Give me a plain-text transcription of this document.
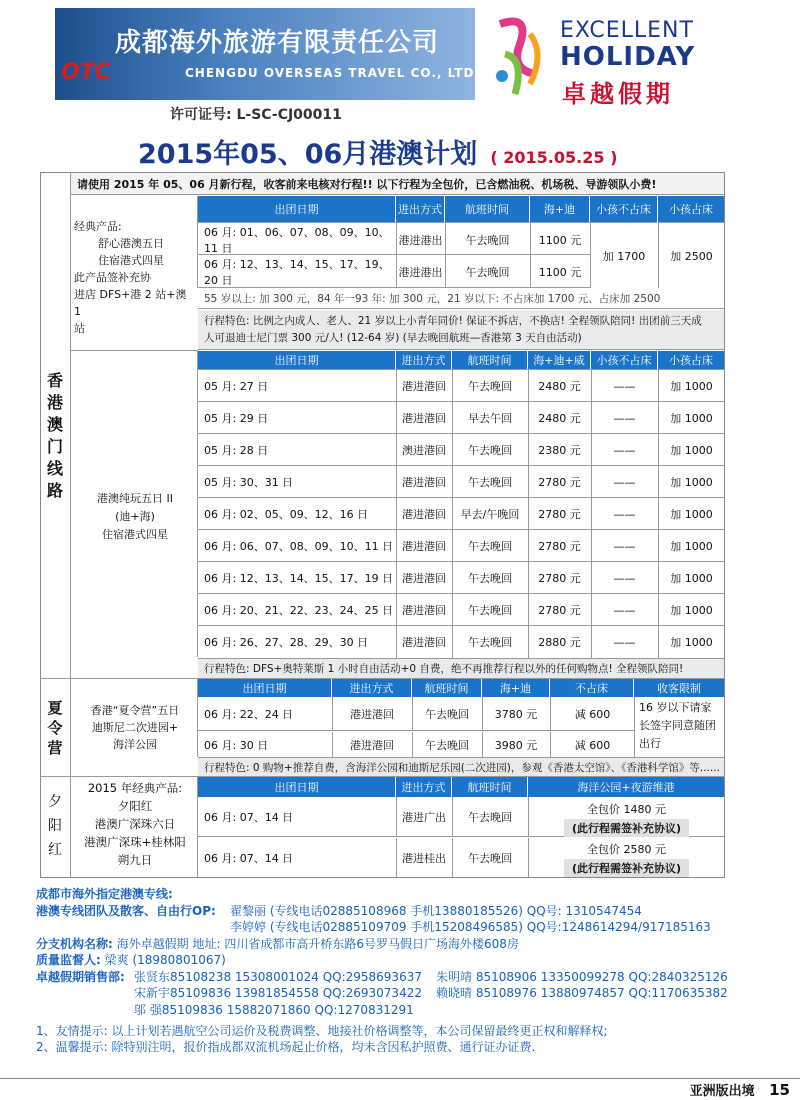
成都海外旅游有限责任公司
CHENGDU OVERSEAS TRAVEL CO., LTD
OTC
许可证号: L-SC-CJ00011
EXCELLENT
HOLIDAY
卓越假期
2015年05、06月港澳计划 ( 2015.05.25 )
请使用 2015 年 05、06 月新行程，收客前来电核对行程!! 以下行程为全包价，已含燃油税、机场税、导游领队小费!
香港澳门线路
夏令营
夕阳红
经典产品:
舒心港澳五日
住宿港式四星
此产品签补充协
进店 DFS+港 2 站+澳 1
站
出团日期	进出方式	航班时间	海+迪	小孩不占床	小孩占床
06 月: 01、06、07、08、09、10、11 日
港进港出	午去晚回	1100 元
06 月: 12、13、14、15、17、19、20 日
港进港出	午去晚回	1100 元
加 1700	加 2500
55 岁以上: 加 300 元，84 年一93 年: 加 300 元，21 岁以下: 不占床加 1700 元、占床加 2500
行程特色: 比例之内成人、老人、21 岁以上小青年同价! 保证不拆店，不换店! 全程领队陪同! 出团前三天成
人可退迪士尼门票 300 元/人! (12-64 岁) (早去晚回航班—香港第 3 天自由活动)
港澳纯玩五日 II
(迪+海)
住宿港式四星
出团日期	进出方式	航班时间	海+迪+威	小孩不占床	小孩占床
05 月: 27 日	港进港回	午去晚回	2480 元	——	加 1000
05 月: 29 日	港进港回	早去午回	2480 元	——	加 1000
05 月: 28 日	澳进港回	午去晚回	2380 元	——	加 1000
05 月: 30、31 日	港进港回	午去晚回	2780 元	——	加 1000
06 月: 02、05、09、12、16 日	港进港回	早去/午晚回	2780 元	——	加 1000
06 月: 06、07、08、09、10、11 日 港进港回	午去晚回	2780 元	——	加 1000
06 月: 12、13、14、15、17、19 日 港进港回	午去晚回	2780 元	——	加 1000
06 月: 20、21、22、23、24、25 日 港进港回	午去晚回	2780 元	——	加 1000
06 月: 26、27、28、29、30 日	港进港回	午去晚回	2880 元	——	加 1000
行程特色: DFS+奥特莱斯 1 小时自由活动+0 自费，绝不再推荐行程以外的任何购物点! 全程领队陪同!
香港“夏令营”五日
迪斯尼二次进园+
海洋公园
出团日期	进出方式	航班时间	海+迪	不占床	收客限制
06 月: 22、24 日	港进港回	午去晚回	3780 元	减 600
06 月: 30 日	港进港回	午去晚回	3980 元	减 600
16 岁以下请家长签字同意随团出行
行程特色: 0 购物+推荐自费，含海洋公园和迪斯尼乐园(二次进园)，参观《香港太空馆》、《香港科学馆》等......
2015 年经典产品:
夕阳红
港澳广深珠六日
港澳广深珠+桂林阳
朔九日
出团日期	进出方式	航班时间	海洋公园+夜游维港
06 月: 07、14 日	港进广出	午去晚回
全包价 1480 元
(此行程需签补充协议)
06 月: 07、14 日	港进桂出	午去晚回
全包价 2580 元
(此行程需签补充协议)
成都市海外指定港澳专线:
港澳专线团队及散客、自由行OP: 翟黎丽 (专线电话02885108968 手机13880185526) QQ号: 1310547454
李婷婷 (专线电话02885109709 手机15208496585) QQ号:1248614294/917185163
分支机构名称: 海外卓越假期 地址: 四川省成都市高升桥东路6号罗马假日广场海外楼608房
质量监督人: 梁爽 (18980801067)
卓越假期销售部: 张贤东85108238 15308001024 QQ:2958693637 朱明靖 85108906 13350099278 QQ:2840325126
宋新宇85109836 13981854558 QQ:2693073422 赖晓晴 85108976 13880974857 QQ:1170635382
邬 强85109836 15882071860 QQ:1270831291
1、友情提示: 以上计划若遇航空公司运价及税费调整、地接社价格调整等，本公司保留最终更正权和解释权;
2、温馨提示: 除特别注明，报价指成都双流机场起止价格，均未含因私护照费、通行证办证费.
亚洲版出境 15
